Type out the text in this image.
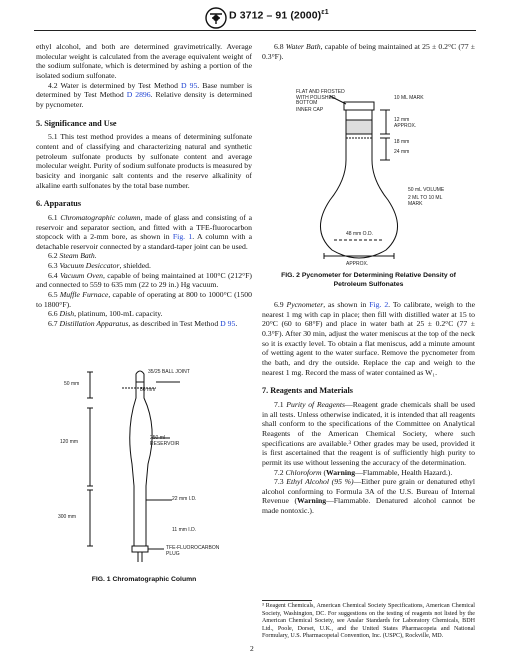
D 3712 – 91 $(2000)^{\varepsilon 1}$

ethyl alcohol, and both are determined gravimetrically. Average molecular weight is calculated from the average equivalent weight of the sodium sulfonate, which is determined by ashing a portion of the isolated sodium sulfonate.

4.2 Water is determined by Test Method D 95. Base number is determined by Test Method D 2896. Relative density is determined by pycnometer.

5. Significance and Use

5.1 This test method provides a means of determining sulfonate content and of classifying and characterizing natural and synthetic petroleum sulfonate products by sulfonate content and average molecular weight. Purity of sodium sulfonate products is measured by basicity and inorganic salt contents and the reserve alkalinity of alkaline earth sulfonates by the total base number.

6. Apparatus

6.1 Chromatographic column, made of glass and consisting of a reservoir and separator section, and fitted with a TFE-fluorocarbon stopcock with a 2-mm bore, as shown in Fig. 1. A column with a detachable reservoir connected by a standard-taper joint can be used.

6.2 Steam Bath.

6.3 Vacuum Desiccator, shielded.

6.4 Vacuum Oven, capable of being maintained at 100°C (212°F) and connected to 559 to 635 mm (22 to 29 in.) Hg vacuum.

6.5 Muffle Furnace, capable of operating at 800 to 1000°C (1500 to 1800°F).

6.6 Dish, platinum, 100-mL capacity.

6.7 Distillation Apparatus, as described in Test Method D 95.

35/25 BALL JOINT
50 mm
80 mm
120 mm
250 ml RESERVOIR
22 mm I.D.
300 mm
11 mm I.D.
TFE-FLUOROCARBON PLUG
FIG. 1 Chromatographic Column

6.8 Water Bath, capable of being maintained at 25 ± 0.2°C (77 ± 0.3°F).

FLAT AND FROSTED WITH POLISHED BOTTOM
INNER CAP
10 ML MARK
12 mm APPROX.
18 mm
24 mm
50 mL VOLUME
2 ML TO 10 ML MARK
48 mm O.D.
APPROX.
FIG. 2 Pycnometer for Determining Relative Density of
Petroleum Sulfonates

6.9 Pycnometer, as shown in Fig. 2. To calibrate, weigh to the nearest 1 mg with cap in place; then fill with distilled water at 15 to 20°C (60 to 68°F) and place in water bath at 25 ± 0.2°C (77 ± 0.3°F). After 30 min, adjust the water meniscus at the top of the neck so it is exactly level. To obtain a flat meniscus, add a minute amount of wetting agent to the water surface. Remove the pycnometer from the bath, and dry the outside. Replace the cap and weigh to the nearest 1 mg. Record the mass of water contained as W₁.

7. Reagents and Materials

7.1 Purity of Reagents—Reagent grade chemicals shall be used in all tests. Unless otherwise indicated, it is intended that all reagents shall conform to the specifications of the Committee on Analytical Reagents of the American Chemical Society, where such specifications are available.³ Other grades may be used, provided it is first ascertained that the reagent is of sufficiently high purity to permit its use without lessening the accuracy of the determination.

7.2 Chloroform (Warning—Flammable, Health Hazard.).

7.3 Ethyl Alcohol (95 %)—Either pure grain or denatured ethyl alcohol conforming to Formula 3A of the U.S. Bureau of Internal Revenue (Warning—Flammable. Denatured alcohol cannot be made nontoxic.).

³ Reagent Chemicals, American Chemical Society Specifications, American Chemical Society, Washington, DC. For suggestions on the testing of reagents not listed by the American Chemical Society, see Analar Standards for Laboratory Chemicals, BDH Ltd., Poole, Dorset, U.K., and the United States Pharmacopeia and National Formulary, U.S. Pharmacopeial Convention, Inc. (USPC), Rockville, MD.
2
